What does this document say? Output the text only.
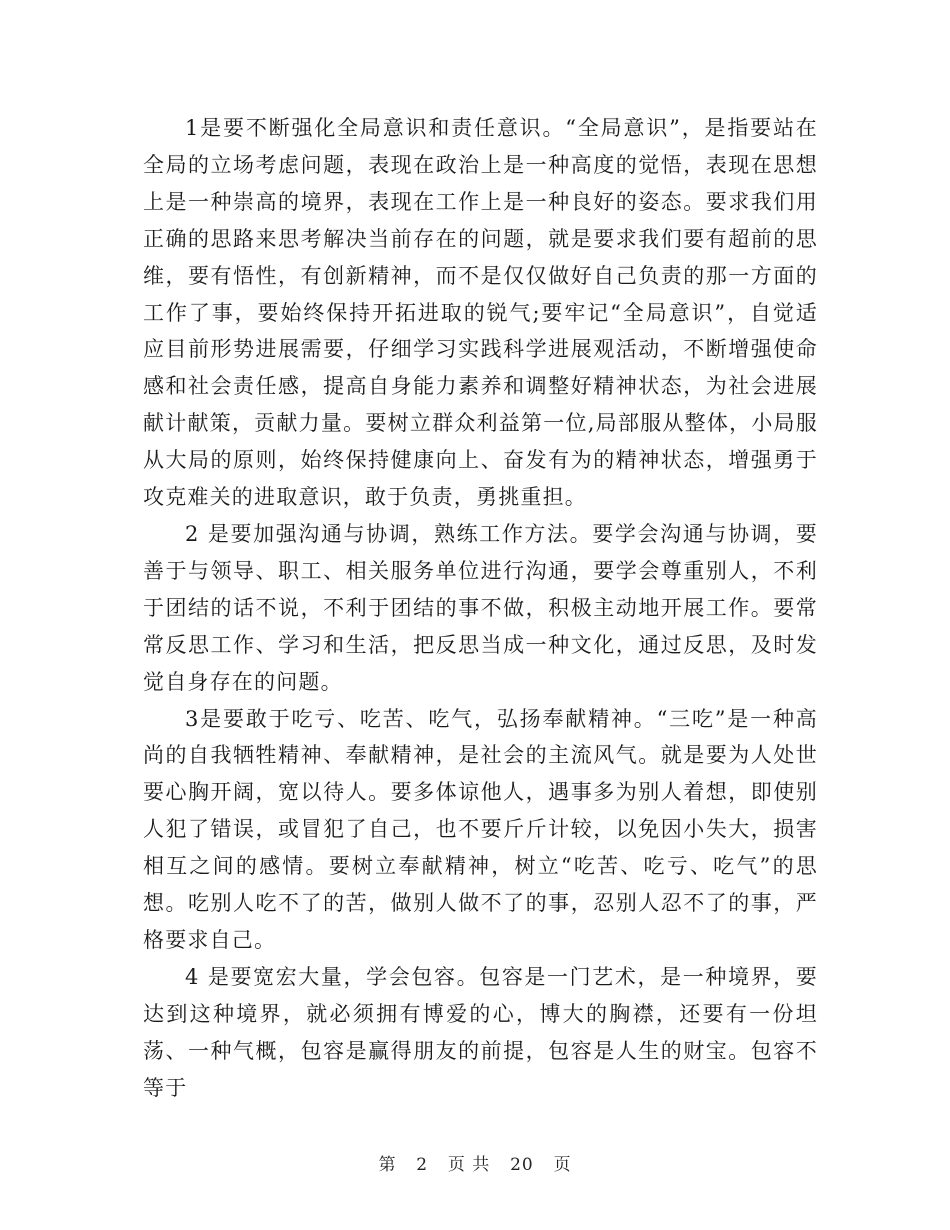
1是要不断强化全局意识和责任意识。“全局意识”，是指要站在全局的立场考虑问题，表现在政治上是一种高度的觉悟，表现在思想上是一种崇高的境界，表现在工作上是一种良好的姿态。要求我们用正确的思路来思考解决当前存在的问题，就是要求我们要有超前的思维，要有悟性，有创新精神，而不是仅仅做好自己负责的那一方面的工作了事，要始终保持开拓进取的锐气;要牢记“全局意识”，自觉适应目前形势进展需要，仔细学习实践科学进展观活动，不断增强使命感和社会责任感，提高自身能力素养和调整好精神状态，为社会进展献计献策，贡献力量。要树立群众利益第一位,局部服从整体，小局服从大局的原则，始终保持健康向上、奋发有为的精神状态，增强勇于攻克难关的进取意识，敢于负责，勇挑重担。

2 是要加强沟通与协调，熟练工作方法。要学会沟通与协调，要善于与领导、职工、相关服务单位进行沟通，要学会尊重别人，不利于团结的话不说，不利于团结的事不做，积极主动地开展工作。要常常反思工作、学习和生活，把反思当成一种文化，通过反思，及时发觉自身存在的问题。

3是要敢于吃亏、吃苦、吃气，弘扬奉献精神。“三吃”是一种高尚的自我牺牲精神、奉献精神，是社会的主流风气。就是要为人处世要心胸开阔，宽以待人。要多体谅他人，遇事多为别人着想，即使别人犯了错误，或冒犯了自己，也不要斤斤计较，以免因小失大，损害相互之间的感情。要树立奉献精神，树立“吃苦、吃亏、吃气”的思想。吃别人吃不了的苦，做别人做不了的事，忍别人忍不了的事，严格要求自己。

4 是要宽宏大量，学会包容。包容是一门艺术，是一种境界，要达到这种境界，就必须拥有博爱的心，博大的胸襟，还要有一份坦荡、一种气概，包容是赢得朋友的前提，包容是人生的财宝。包容不等于

第 2 页 共 20 页
